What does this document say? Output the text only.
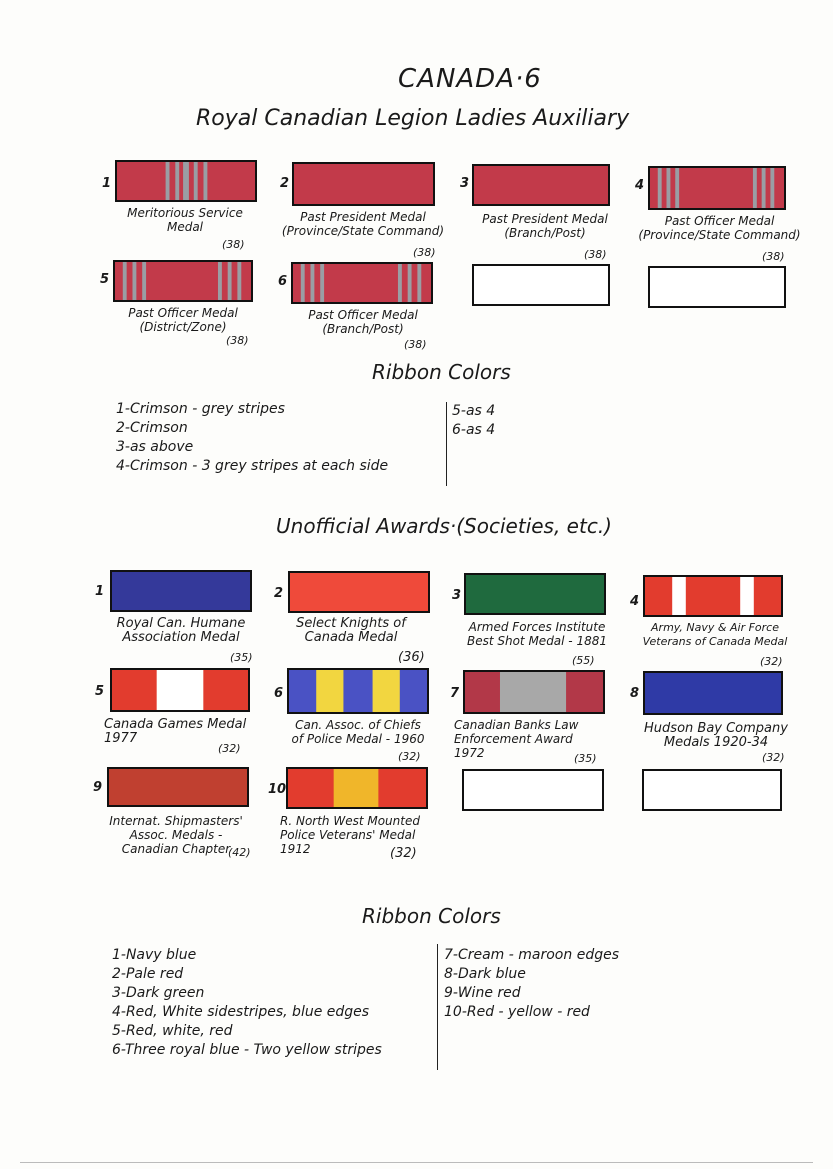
CANADA·6
Royal Canadian Legion Ladies Auxiliary
1
Meritorious Service
Medal
(38)
2
Past President Medal
(Province/State Command)
(38)
3
Past President Medal
(Branch/Post)
(38)
4
Past Officer Medal
(Province/State Command)
(38)
5
Past Officer Medal
(District/Zone)
(38)
6
Past Officer Medal
(Branch/Post)
(38)
Ribbon Colors
1-Crimson - grey stripes
2-Crimson
3-as above
4-Crimson - 3 grey stripes at each side
5-as 4
6-as 4
Unofficial Awards·(Societies, etc.)
1
Royal Can. Humane
Association Medal
(35)
2
Select Knights of
Canada Medal
(36)
3
Armed Forces Institute
Best Shot Medal - 1881
(55)
4
Army, Navy & Air Force
Veterans of Canada Medal
(32)
5
Canada Games Medal
1977
(32)
6
Can. Assoc. of Chiefs
of Police Medal - 1960
(32)
7
Canadian Banks Law
Enforcement Award
1972	(35)
8
Hudson Bay Company
Medals 1920-34
(32)
9
Internat. Shipmasters'
Assoc. Medals -
Canadian Chapter
(42)
10
R. North West Mounted
Police Veterans' Medal
1912	(32)
Ribbon Colors
1-Navy blue
2-Pale red
3-Dark green
4-Red, White sidestripes, blue edges
5-Red, white, red
6-Three royal blue - Two yellow stripes
7-Cream - maroon edges
8-Dark blue
9-Wine red
10-Red - yellow - red
